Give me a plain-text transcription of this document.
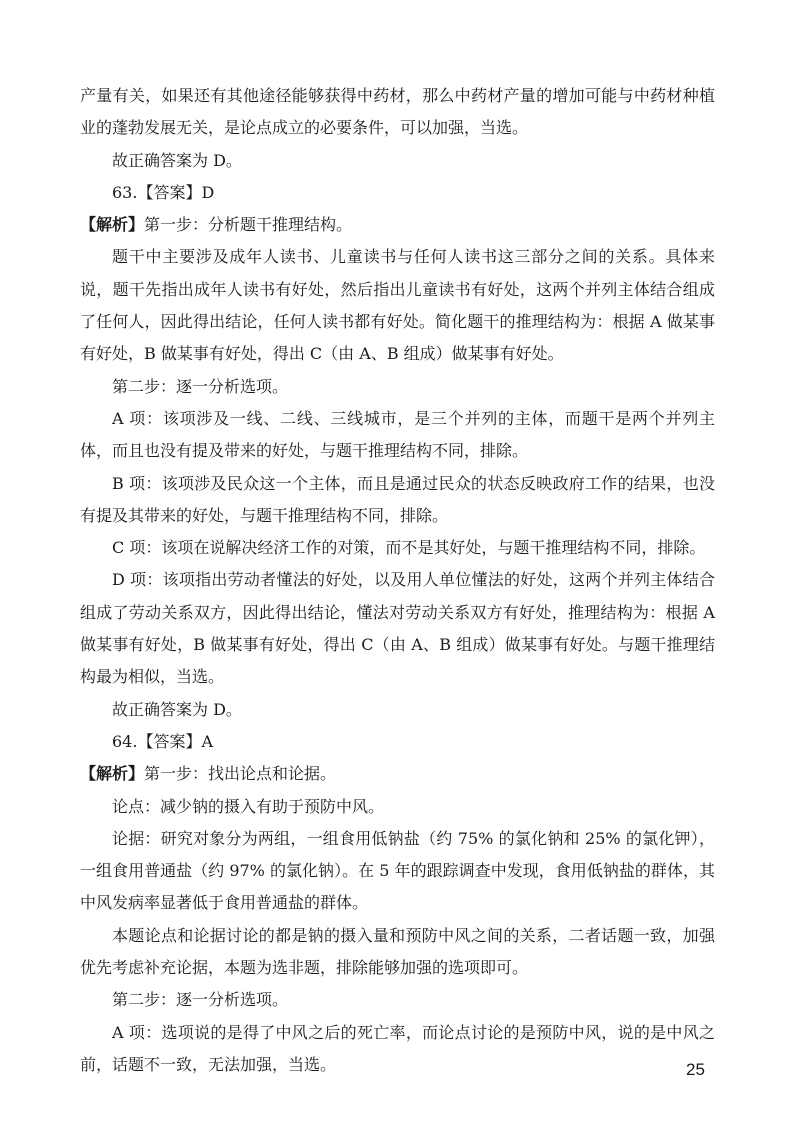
产量有关，如果还有其他途径能够获得中药材，那么中药材产量的增加可能与中药材种植业的蓬勃发展无关，是论点成立的必要条件，可以加强，当选。

故正确答案为 D。

63.【答案】D

【解析】第一步：分析题干推理结构。

题干中主要涉及成年人读书、儿童读书与任何人读书这三部分之间的关系。具体来说，题干先指出成年人读书有好处，然后指出儿童读书有好处，这两个并列主体结合组成了任何人，因此得出结论，任何人读书都有好处。简化题干的推理结构为：根据 A 做某事有好处，B 做某事有好处，得出 C（由 A、B 组成）做某事有好处。

第二步：逐一分析选项。

A 项：该项涉及一线、二线、三线城市，是三个并列的主体，而题干是两个并列主体，而且也没有提及带来的好处，与题干推理结构不同，排除。

B 项：该项涉及民众这一个主体，而且是通过民众的状态反映政府工作的结果，也没有提及其带来的好处，与题干推理结构不同，排除。

C 项：该项在说解决经济工作的对策，而不是其好处，与题干推理结构不同，排除。

D 项：该项指出劳动者懂法的好处，以及用人单位懂法的好处，这两个并列主体结合组成了劳动关系双方，因此得出结论，懂法对劳动关系双方有好处，推理结构为：根据 A 做某事有好处，B 做某事有好处，得出 C（由 A、B 组成）做某事有好处。与题干推理结构最为相似，当选。

故正确答案为 D。

64.【答案】A

【解析】第一步：找出论点和论据。

论点：减少钠的摄入有助于预防中风。

论据：研究对象分为两组，一组食用低钠盐（约 75% 的氯化钠和 25% 的氯化钾），一组食用普通盐（约 97% 的氯化钠）。在 5 年的跟踪调查中发现，食用低钠盐的群体，其中风发病率显著低于食用普通盐的群体。

本题论点和论据讨论的都是钠的摄入量和预防中风之间的关系，二者话题一致，加强优先考虑补充论据，本题为选非题，排除能够加强的选项即可。

第二步：逐一分析选项。

A 项：选项说的是得了中风之后的死亡率，而论点讨论的是预防中风，说的是中风之前，话题不一致，无法加强，当选。	25
